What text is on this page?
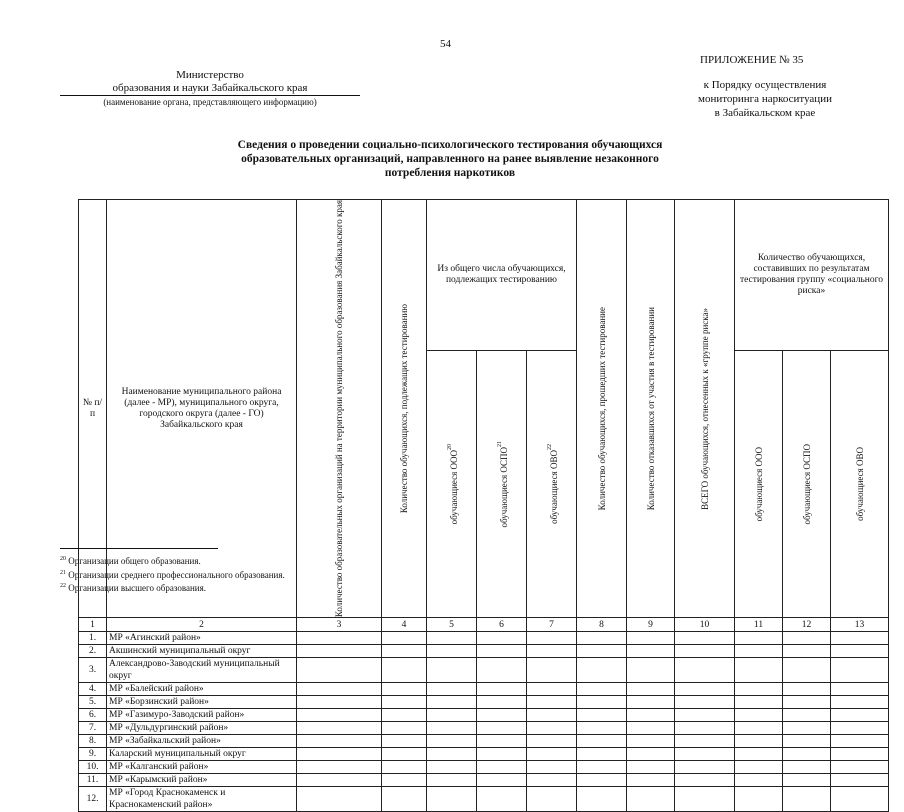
54
ПРИЛОЖЕНИЕ № 35
к Порядку осуществления
мониторинга наркоситуации
в Забайкальском крае
Министерство
образования и науки Забайкальского края
(наименование органа, представляющего информацию)
Сведения о проведении социально-психологического тестирования обучающихся
образовательных организаций, направленного на ранее выявление незаконного
потребления наркотиков
№ п/п	Наименование муниципального района (далее - МР), муниципального округа, городского округа (далее - ГО) Забайкальского края	Количество образовательных организаций на территории муниципального образования Забайкальского края	Количество обучающихся, подлежащих тестированию	Из общего числа обучающихся, подлежащих тестированию			Количество обучающихся, прошедших тестирование	Количество отказавшихся от участия в тестировании	ВСЕГО обучающихся, отнесенных к «группе риска»	Количество обучающихся, составивших по результатам тестирования группу «социального риска»		

				обучающиеся ООО$^{20}$	обучающиеся ОСПО$^{21}$	обучающиеся ОВО$^{22}$				обучающиеся ООО	обучающиеся ОСПО	обучающиеся ОВО

1	2	3	4	5	6	7	8	9	10	11	12	13
1.	МР «Агинский район»											
2.	Акшинский муниципальный округ											
3.	Александрово-Заводский муниципальный округ											
4.	МР «Балейский район»											
5.	МР «Борзинский район»											
6.	МР «Газимуро-Заводский район»											
7.	МР «Дульдургинский район»											
8.	МР «Забайкальский район»											
9.	Каларский муниципальный округ											
10.	МР «Калганский район»											
11.	МР «Карымский район»											
12.	МР «Город Краснокаменск и Краснокаменский район»											
$^{20}$ Организации общего образования.
$^{21}$ Организации среднего профессионального образования.
$^{22}$ Организации высшего образования.
